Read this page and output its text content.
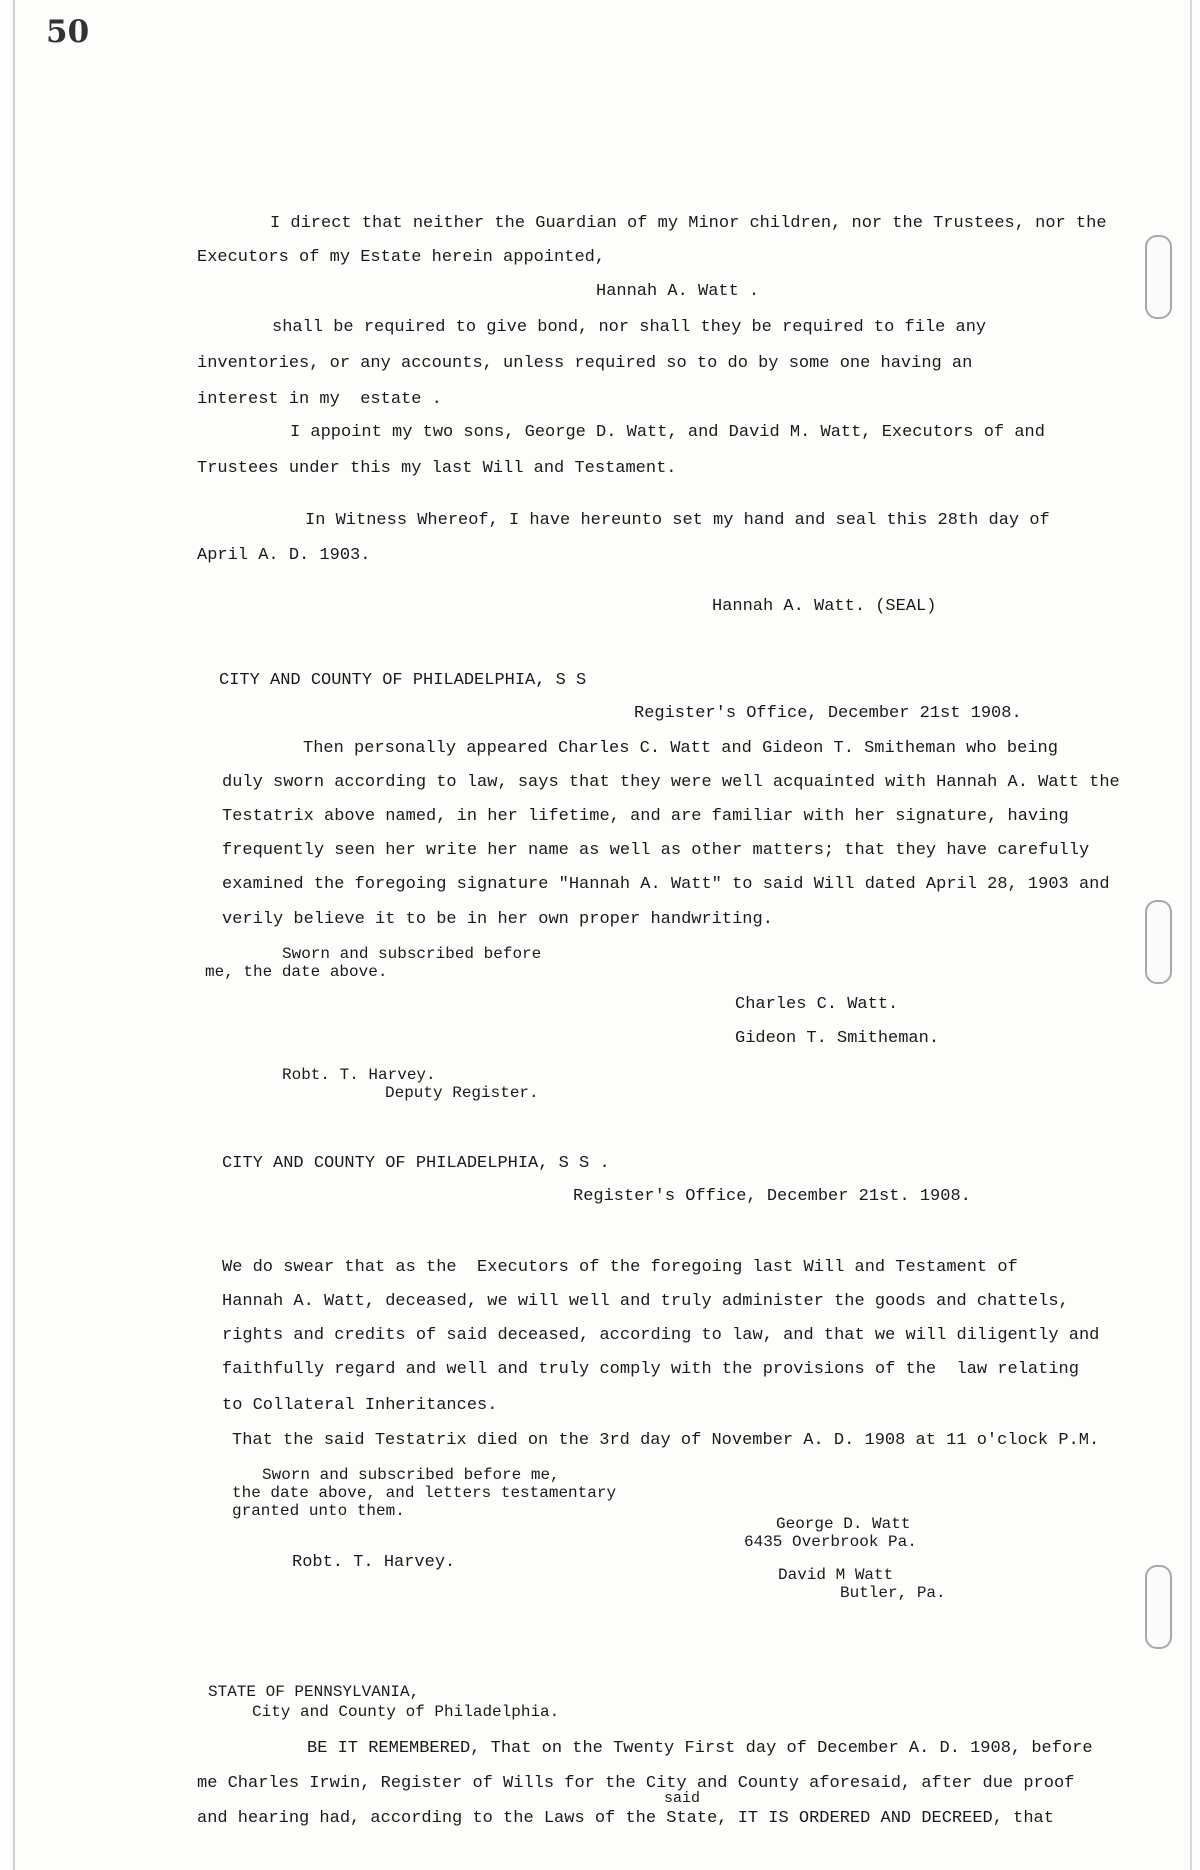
50
I direct that neither the Guardian of my Minor children, nor the Trustees, nor the
Executors of my Estate herein appointed,
Hannah A. Watt .
shall be required to give bond, nor shall they be required to file any
inventories, or any accounts, unless required so to do by some one having an
interest in my  estate .
I appoint my two sons, George D. Watt, and David M. Watt, Executors of and
Trustees under this my last Will and Testament.
In Witness Whereof, I have hereunto set my hand and seal this 28th day of
April A. D. 1903.
Hannah A. Watt. (SEAL)
CITY AND COUNTY OF PHILADELPHIA, S S
Register's Office, December 21st 1908.
Then personally appeared Charles C. Watt and Gideon T. Smitheman who being
duly sworn according to law, says that they were well acquainted with Hannah A. Watt the
Testatrix above named, in her lifetime, and are familiar with her signature, having
frequently seen her write her name as well as other matters; that they have carefully
examined the foregoing signature "Hannah A. Watt" to said Will dated April 28, 1903 and
verily believe it to be in her own proper handwriting.
Sworn and subscribed before
me, the date above.
Charles C. Watt.
Gideon T. Smitheman.
Robt. T. Harvey.
Deputy Register.
CITY AND COUNTY OF PHILADELPHIA, S S .
Register's Office, December 21st. 1908.
We do swear that as the  Executors of the foregoing last Will and Testament of
Hannah A. Watt, deceased, we will well and truly administer the goods and chattels,
rights and credits of said deceased, according to law, and that we will diligently and
faithfully regard and well and truly comply with the provisions of the  law relating
to Collateral Inheritances.
That the said Testatrix died on the 3rd day of November A. D. 1908 at 11 o'clock P.M.
Sworn and subscribed before me,
the date above, and letters testamentary
granted unto them.
George D. Watt
6435 Overbrook Pa.
Robt. T. Harvey.
David M Watt
Butler, Pa.
STATE OF PENNSYLVANIA,
City and County of Philadelphia.
BE IT REMEMBERED, That on the Twenty First day of December A. D. 1908, before
me Charles Irwin, Register of Wills for the City and County aforesaid, after due proof
said
and hearing had, according to the Laws of the State, IT IS ORDERED AND DECREED, that
